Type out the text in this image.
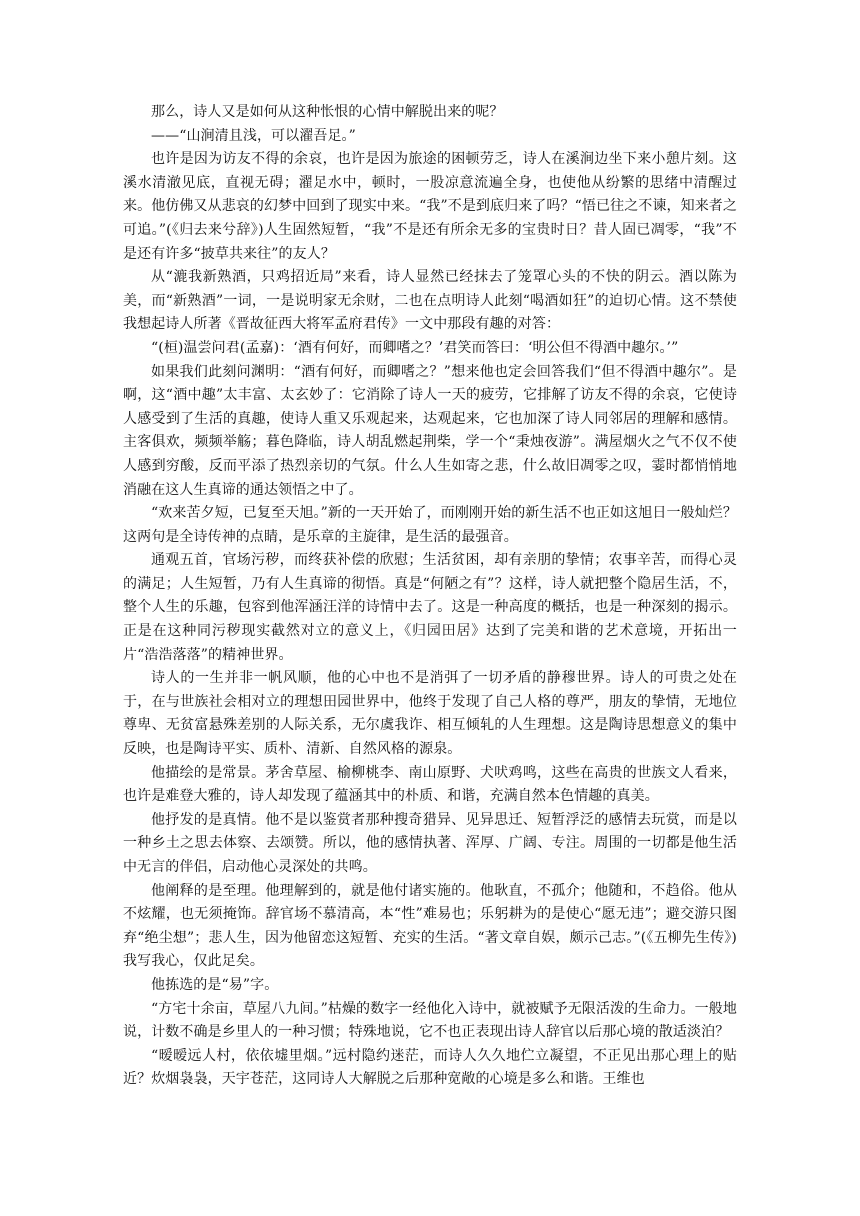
那么，诗人又是如何从这种怅恨的心情中解脱出来的呢？

——“山涧清且浅，可以濯吾足。”

也许是因为访友不得的余哀，也许是因为旅途的困顿劳乏，诗人在溪涧边坐下来小憩片刻。这溪水清澈见底，直视无碍；濯足水中，顿时，一股凉意流遍全身，也使他从纷繁的思绪中清醒过来。他仿佛又从悲哀的幻梦中回到了现实中来。“我”不是到底归来了吗？“悟已往之不谏，知来者之可追。”(《归去来兮辞》)人生固然短暂，“我”不是还有所余无多的宝贵时日？昔人固已凋零，“我”不是还有许多“披草共来往”的友人？

从“漉我新熟酒，只鸡招近局”来看，诗人显然已经抹去了笼罩心头的不快的阴云。酒以陈为美，而“新熟酒”一词，一是说明家无余财，二也在点明诗人此刻“喝酒如狂”的迫切心情。这不禁使我想起诗人所著《晋故征西大将军孟府君传》一文中那段有趣的对答：

“(桓)温尝问君(孟嘉)：‘酒有何好，而卿嗜之？’君笑而答曰：‘明公但不得酒中趣尔。’”

如果我们此刻问渊明：“酒有何好，而卿嗜之？”想来他也定会回答我们“但不得酒中趣尔”。是啊，这“酒中趣”太丰富、太玄妙了：它消除了诗人一天的疲劳，它排解了访友不得的余哀，它使诗人感受到了生活的真趣，使诗人重又乐观起来，达观起来，它也加深了诗人同邻居的理解和感情。主客俱欢，频频举觞；暮色降临，诗人胡乱燃起荆柴，学一个“秉烛夜游”。满屋烟火之气不仅不使人感到穷酸，反而平添了热烈亲切的气氛。什么人生如寄之悲，什么故旧凋零之叹，霎时都悄悄地消融在这人生真谛的通达领悟之中了。

“欢来苦夕短，已复至天旭。”新的一天开始了，而刚刚开始的新生活不也正如这旭日一般灿烂？这两句是全诗传神的点睛，是乐章的主旋律，是生活的最强音。

通观五首，官场污秽，而终获补偿的欣慰；生活贫困，却有亲朋的挚情；农事辛苦，而得心灵的满足；人生短暂，乃有人生真谛的彻悟。真是“何陋之有”？这样，诗人就把整个隐居生活，不，整个人生的乐趣，包容到他浑涵汪洋的诗情中去了。这是一种高度的概括，也是一种深刻的揭示。正是在这种同污秽现实截然对立的意义上，《归园田居》达到了完美和谐的艺术意境，开拓出一片“浩浩落落”的精神世界。

诗人的一生并非一帆风顺，他的心中也不是消弭了一切矛盾的静穆世界。诗人的可贵之处在于，在与世族社会相对立的理想田园世界中，他终于发现了自己人格的尊严，朋友的挚情，无地位尊卑、无贫富悬殊差别的人际关系，无尔虞我诈、相互倾轧的人生理想。这是陶诗思想意义的集中反映，也是陶诗平实、质朴、清新、自然风格的源泉。

他描绘的是常景。茅舍草屋、榆柳桃李、南山原野、犬吠鸡鸣，这些在高贵的世族文人看来，也许是难登大雅的，诗人却发现了蕴涵其中的朴质、和谐，充满自然本色情趣的真美。

他抒发的是真情。他不是以鉴赏者那种搜奇猎异、见异思迁、短暂浮泛的感情去玩赏，而是以一种乡土之思去体察、去颂赞。所以，他的感情执著、浑厚、广阔、专注。周围的一切都是他生活中无言的伴侣，启动他心灵深处的共鸣。

他阐释的是至理。他理解到的，就是他付诸实施的。他耿直，不孤介；他随和，不趋俗。他从不炫耀，也无须掩饰。辞官场不慕清高，本“性”难易也；乐躬耕为的是使心“愿无违”；避交游只图弃“绝尘想”；悲人生，因为他留恋这短暂、充实的生活。“著文章自娱，颇示己志。”(《五柳先生传》)我写我心，仅此足矣。

他拣选的是“易”字。

“方宅十余亩，草屋八九间。”枯燥的数字一经他化入诗中，就被赋予无限活泼的生命力。一般地说，计数不确是乡里人的一种习惯；特殊地说，它不也正表现出诗人辞官以后那心境的散适淡泊？

“暧暧远人村，依依墟里烟。”远村隐约迷茫，而诗人久久地伫立凝望，不正见出那心理上的贴近？炊烟袅袅，天宇苍茫，这同诗人大解脱之后那种宽敞的心境是多么和谐。王维也
